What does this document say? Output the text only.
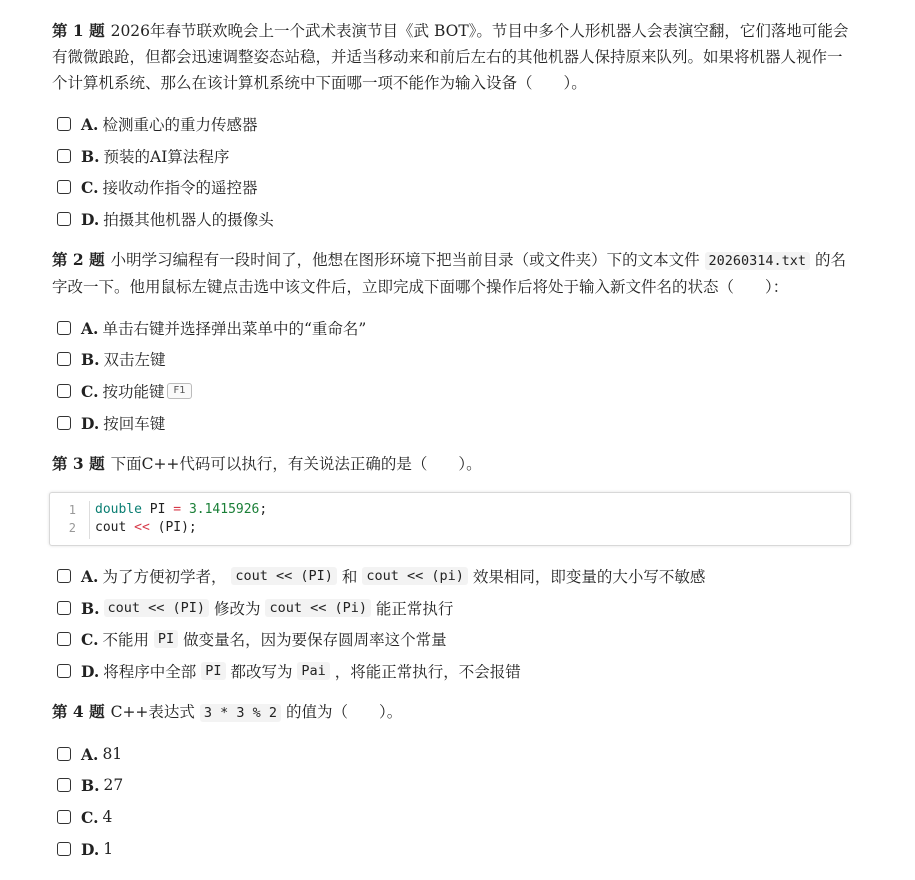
第 1 题 2026年春节联欢晚会上一个武术表演节目《武 BOT》。节目中多个人形机器人会表演空翻，它们落地可能会有微微踉跄，但都会迅速调整姿态站稳，并适当移动来和前后左右的其他机器人保持原来队列。如果将机器人视作一个计算机系统、那么在该计算机系统中下面哪一项不能作为输入设备（　　）。
A. 检测重心的重力传感器
B. 预装的AI算法程序
C. 接收动作指令的遥控器
D. 拍摄其他机器人的摄像头
第 2 题 小明学习编程有一段时间了，他想在图形环境下把当前目录（或文件夹）下的文本文件 20260314.txt 的名字改一下。他用鼠标左键点击选中该文件后，立即完成下面哪个操作后将处于输入新文件名的状态（　　）：
A. 单击右键并选择弹出菜单中的“重命名”
B. 双击左键
C. 按功能键 F1
D. 按回车键
第 3 题 下面C++代码可以执行，有关说法正确的是（　　）。
1 double PI = 3.1415926;
2 cout << (PI);
A. 为了方便初学者，
cout << (PI)
和
cout << (pi)
效果相同，即变量的大小写不敏感
B. cout << (PI)
修改为
cout << (Pi)
能正常执行
C. 不能用
PI
做变量名，因为要保存圆周率这个常量
D. 将程序中全部
PI
都改写为
Pai
，将能正常执行，不会报错
第 4 题 C++表达式 3 * 3 % 2 的值为（　　）。
A. 81
B. 27
C. 4
D. 1
